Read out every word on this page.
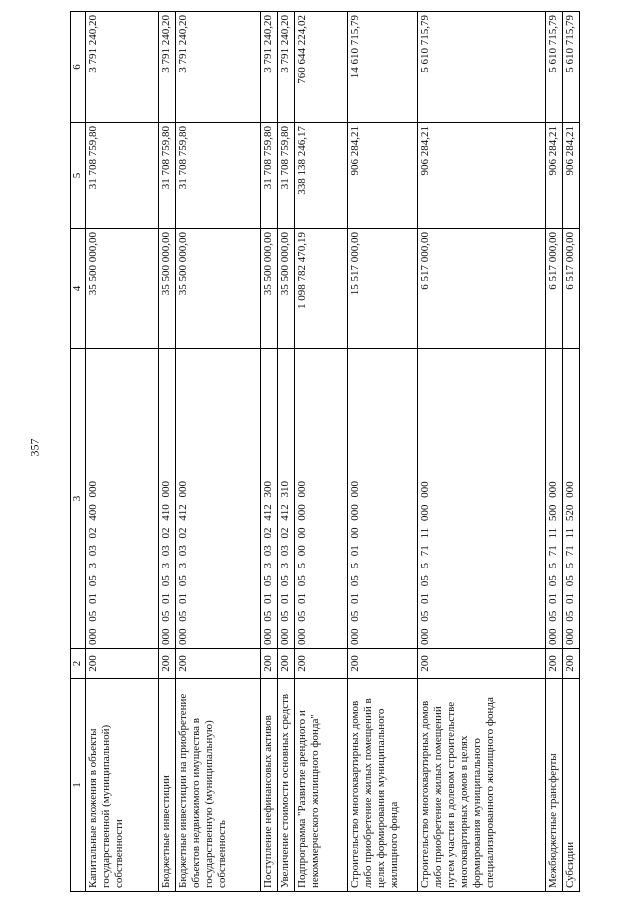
357
1	2	3	4	5	6
Капитальные вложения в объекты государственной (муниципальной) собственности	200	000 05 01 05 3 03 02 400 000	35 500 000,00	31 708 759,80	3 791 240,20
Бюджетные инвестиции	200	000 05 01 05 3 03 02 410 000	35 500 000,00	31 708 759,80	3 791 240,20
Бюджетные инвестиции на приобретение объектов недвижимого имущества в государственную (муниципальную) собственность	200	000 05 01 05 3 03 02 412 000	35 500 000,00	31 708 759,80	3 791 240,20
Поступление нефинансовых активов	200	000 05 01 05 3 03 02 412 300	35 500 000,00	31 708 759,80	3 791 240,20
Увеличение стоимости основных средств	200	000 05 01 05 3 03 02 412 310	35 500 000,00	31 708 759,80	3 791 240,20
Подпрограмма "Развитие арендного и некоммерческого жилищного фонда"	200	000 05 01 05 5 00 00 000 000	1 098 782 470,19	338 138 246,17	760 644 224,02
Строительство многоквартирных домов либо приобретение жилых помещений в целях формирования муниципального жилищного фонда	200	000 05 01 05 5 01 00 000 000	15 517 000,00	906 284,21	14 610 715,79
Строительство многоквартирных домов либо приобретение жилых помещений путем участия в долевом строительстве многоквартирных домов в целях формирования муниципального специализированного жилищного фонда	200	000 05 01 05 5 71 11 000 000	6 517 000,00	906 284,21	5 610 715,79
Межбюджетные трансферты	200	000 05 01 05 5 71 11 500 000	6 517 000,00	906 284,21	5 610 715,79
Субсидии	200	000 05 01 05 5 71 11 520 000	6 517 000,00	906 284,21	5 610 715,79
